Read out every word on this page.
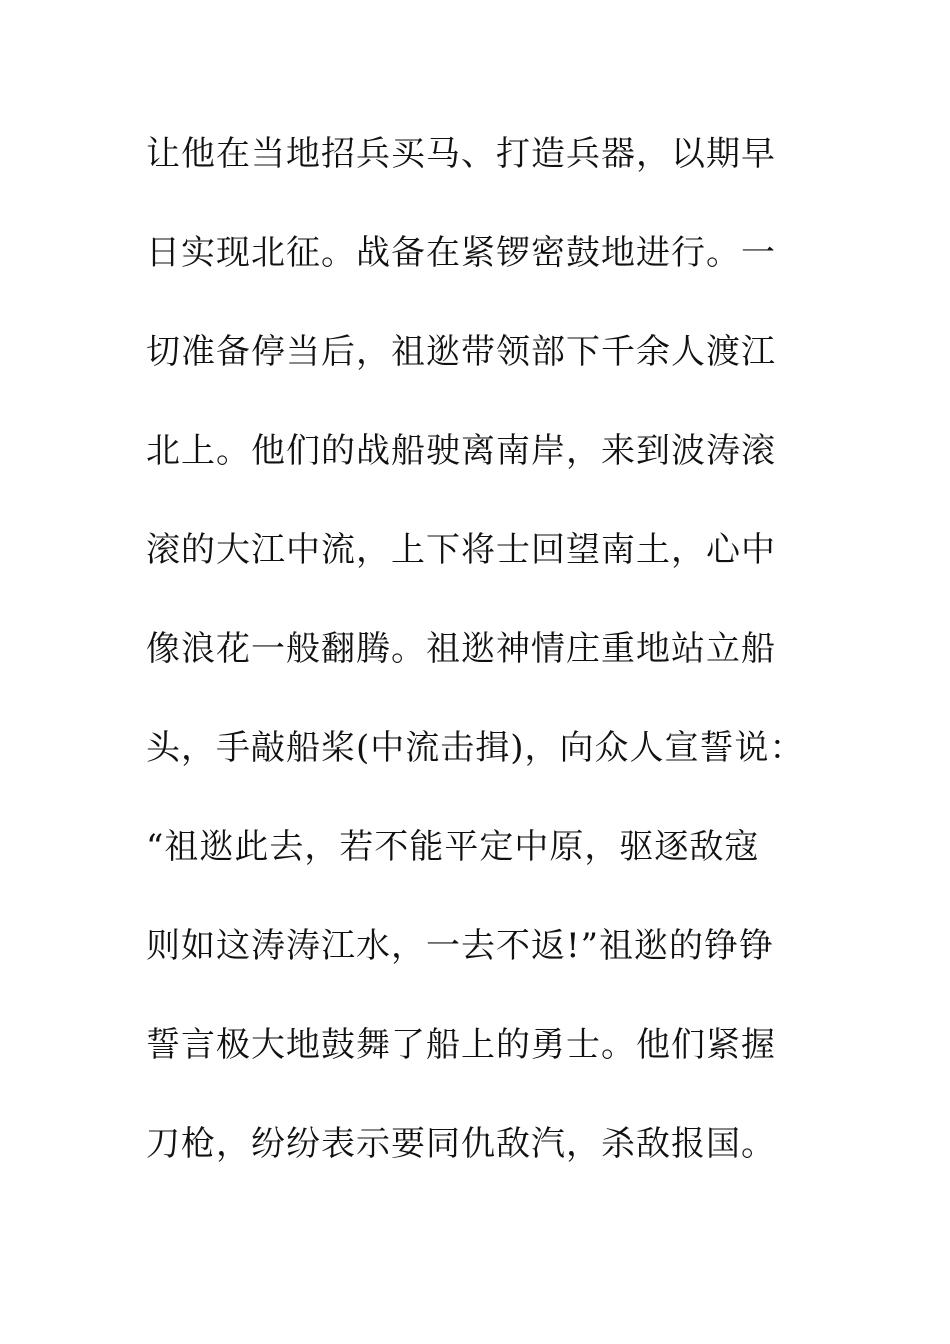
让他在当地招兵买马、打造兵器，以期早
日实现北征。战备在紧锣密鼓地进行。一
切准备停当后，祖逖带领部下千余人渡江
北上。他们的战船驶离南岸，来到波涛滚
滚的大江中流，上下将士回望南土，心中
像浪花一般翻腾。祖逖神情庄重地站立船
头，手敲船桨(中流击揖)，向众人宣誓说：
“祖逖此去，若不能平定中原，驱逐敌寇
则如这涛涛江水，一去不返!”祖逖的铮铮
誓言极大地鼓舞了船上的勇士。他们紧握
刀枪，纷纷表示要同仇敌汽，杀敌报国。
